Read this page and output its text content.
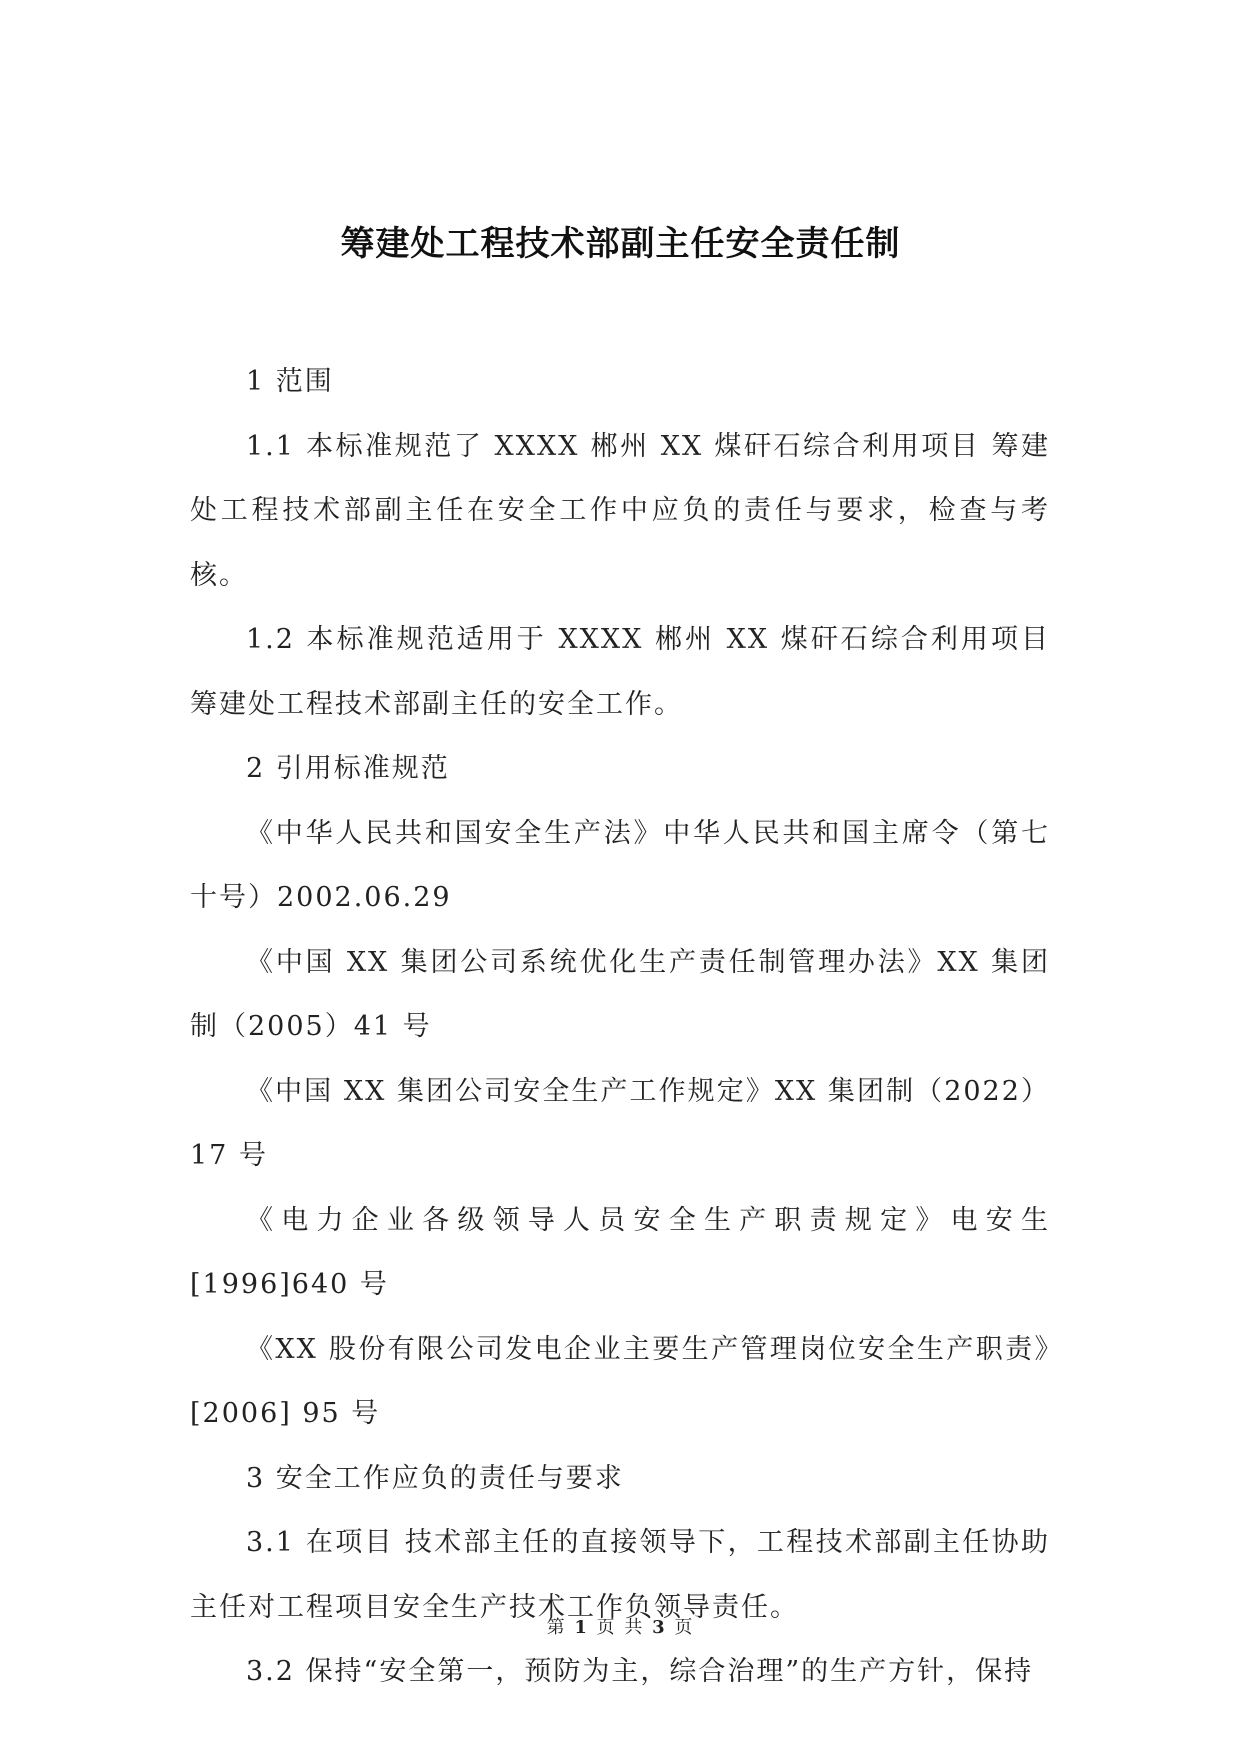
筹建处工程技术部副主任安全责任制

1 范围

1.1 本标准规范了 XXXX 郴州 XX 煤矸石综合利用项目 筹建处工程技术部副主任在安全工作中应负的责任与要求，检查与考核。

1.2 本标准规范适用于 XXXX 郴州 XX 煤矸石综合利用项目 筹建处工程技术部副主任的安全工作。

2 引用标准规范

《中华人民共和国安全生产法》中华人民共和国主席令（第七十号）2002.06.29

《中国 XX 集团公司系统优化生产责任制管理办法》XX 集团制（2005）41 号

《中国 XX 集团公司安全生产工作规定》XX 集团制（2022）17 号

《电力企业各级领导人员安全生产职责规定》电安生[1996]640 号

《XX 股份有限公司发电企业主要生产管理岗位安全生产职责》[2006] 95 号

3 安全工作应负的责任与要求

3.1 在项目 技术部主任的直接领导下，工程技术部副主任协助主任对工程项目安全生产技术工作负领导责任。

3.2 保持“安全第一，预防为主，综合治理”的生产方针，保持

第 1 页 共 3 页
